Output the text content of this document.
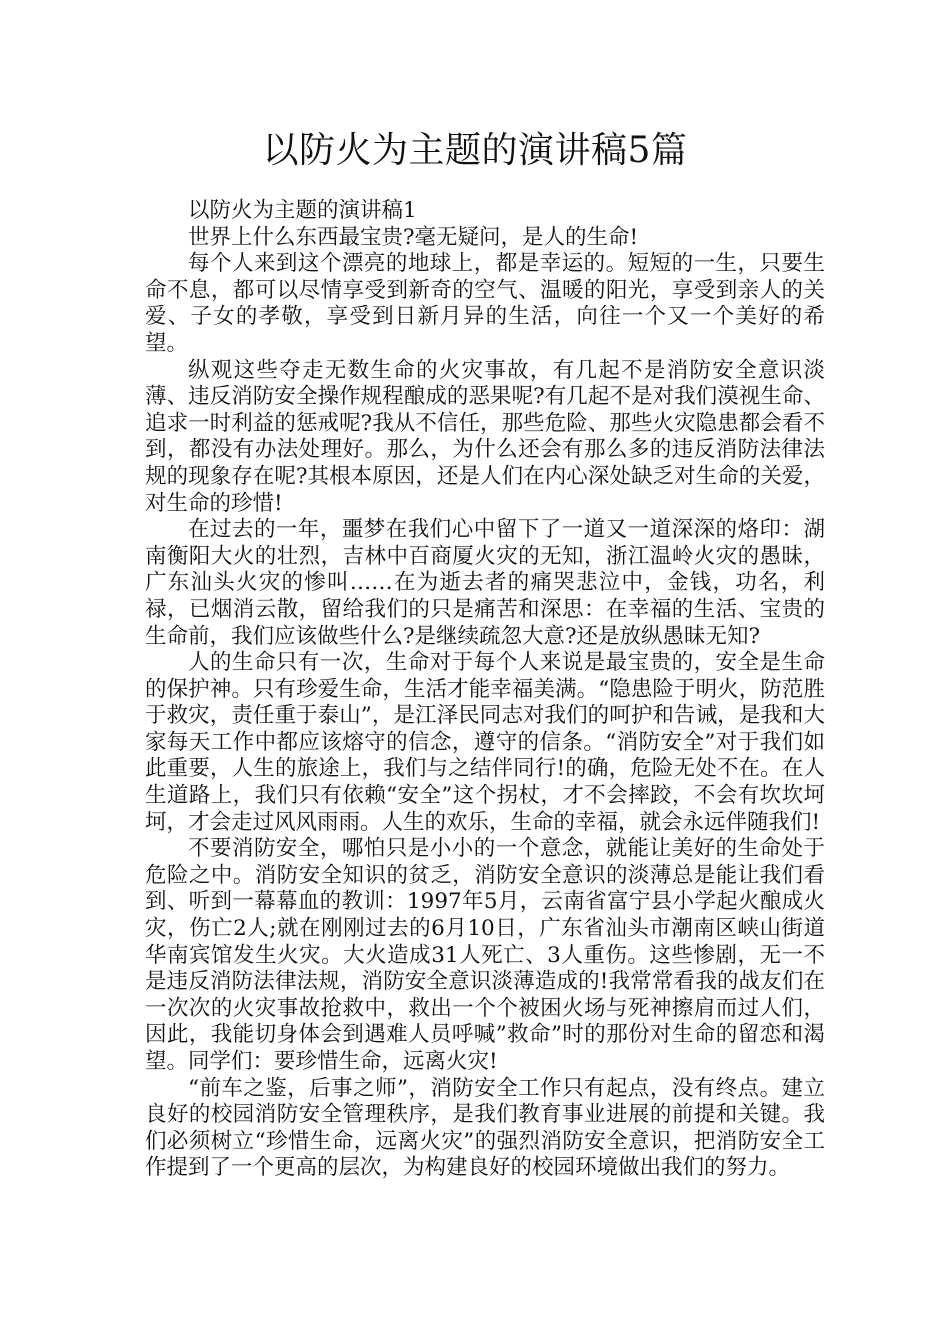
以防火为主题的演讲稿5篇

以防火为主题的演讲稿1

世界上什么东西最宝贵?毫无疑问，是人的生命!

每个人来到这个漂亮的地球上，都是幸运的。短短的一生，只要生命不息，都可以尽情享受到新奇的空气、温暖的阳光，享受到亲人的关爱、子女的孝敬，享受到日新月异的生活，向往一个又一个美好的希望。

纵观这些夺走无数生命的火灾事故，有几起不是消防安全意识淡薄、违反消防安全操作规程酿成的恶果呢?有几起不是对我们漠视生命、追求一时利益的惩戒呢?我从不信任，那些危险、那些火灾隐患都会看不到，都没有办法处理好。那么，为什么还会有那么多的违反消防法律法规的现象存在呢?其根本原因，还是人们在内心深处缺乏对生命的关爱，对生命的珍惜!

在过去的一年，噩梦在我们心中留下了一道又一道深深的烙印：湖南衡阳大火的壮烈，吉林中百商厦火灾的无知，浙江温岭火灾的愚昧，广东汕头火灾的惨叫……在为逝去者的痛哭悲泣中，金钱，功名，利禄，已烟消云散，留给我们的只是痛苦和深思：在幸福的生活、宝贵的生命前，我们应该做些什么?是继续疏忽大意?还是放纵愚昧无知?

人的生命只有一次，生命对于每个人来说是最宝贵的，安全是生命的保护神。只有珍爱生命，生活才能幸福美满。“隐患险于明火，防范胜于救灾，责任重于泰山”，是江泽民同志对我们的呵护和告诫，是我和大家每天工作中都应该熔守的信念，遵守的信条。“消防安全”对于我们如此重要，人生的旅途上，我们与之结伴同行!的确，危险无处不在。在人生道路上，我们只有依赖“安全”这个拐杖，才不会摔跤，不会有坎坎坷坷，才会走过风风雨雨。人生的欢乐，生命的幸福，就会永远伴随我们!

不要消防安全，哪怕只是小小的一个意念，就能让美好的生命处于危险之中。消防安全知识的贫乏，消防安全意识的淡薄总是能让我们看到、听到一幕幕血的教训：1997年5月，云南省富宁县小学起火酿成火灾，伤亡2人;就在刚刚过去的6月10日，广东省汕头市潮南区峡山街道华南宾馆发生火灾。大火造成31人死亡、3人重伤。这些惨剧，无一不是违反消防法律法规，消防安全意识淡薄造成的!我常常看我的战友们在一次次的火灾事故抢救中，救出一个个被困火场与死神擦肩而过人们，因此，我能切身体会到遇难人员呼喊”救命”时的那份对生命的留恋和渴望。同学们：要珍惜生命，远离火灾!

“前车之鉴，后事之师”，消防安全工作只有起点，没有终点。建立良好的校园消防安全管理秩序，是我们教育事业进展的前提和关键。我们必须树立“珍惜生命，远离火灾”的强烈消防安全意识，把消防安全工作提到了一个更高的层次，为构建良好的校园环境做出我们的努力。
